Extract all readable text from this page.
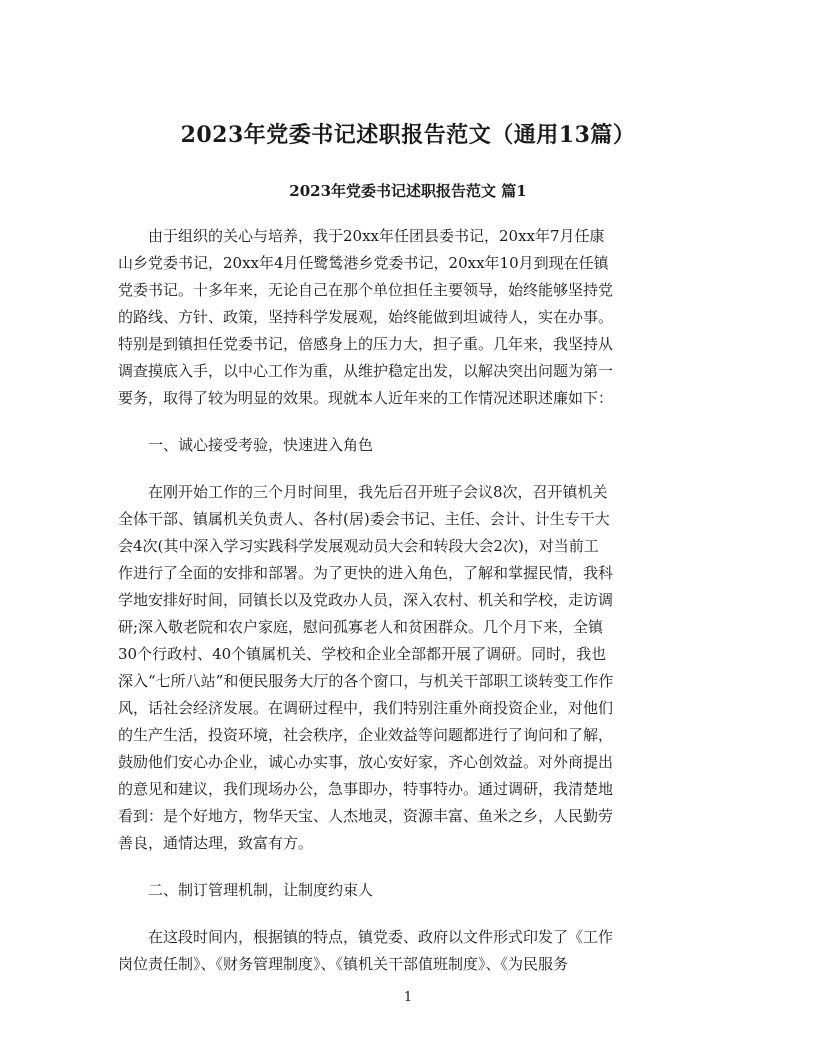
2023年党委书记述职报告范文（通用13篇）
2023年党委书记述职报告范文 篇1
由于组织的关心与培养，我于20xx年任团县委书记，20xx年7月任康
山乡党委书记，20xx年4月任鹭鸶港乡党委书记，20xx年10月到现在任镇
党委书记。十多年来，无论自己在那个单位担任主要领导，始终能够坚持党
的路线、方针、政策，坚持科学发展观，始终能做到坦诚待人，实在办事。
特别是到镇担任党委书记，倍感身上的压力大，担子重。几年来，我坚持从
调查摸底入手，以中心工作为重，从维护稳定出发，以解决突出问题为第一
要务，取得了较为明显的效果。现就本人近年来的工作情况述职述廉如下：
一、诚心接受考验，快速进入角色
在刚开始工作的三个月时间里，我先后召开班子会议8次，召开镇机关
全体干部、镇属机关负责人、各村(居)委会书记、主任、会计、计生专干大
会4次(其中深入学习实践科学发展观动员大会和转段大会2次)，对当前工
作进行了全面的安排和部署。为了更快的进入角色，了解和掌握民情，我科
学地安排好时间，同镇长以及党政办人员，深入农村、机关和学校，走访调
研;深入敬老院和农户家庭，慰问孤寡老人和贫困群众。几个月下来，全镇
30个行政村、40个镇属机关、学校和企业全部都开展了调研。同时，我也
深入“七所八站”和便民服务大厅的各个窗口，与机关干部职工谈转变工作作
风，话社会经济发展。在调研过程中，我们特别注重外商投资企业，对他们
的生产生活，投资环境，社会秩序，企业效益等问题都进行了询问和了解，
鼓励他们安心办企业，诚心办实事，放心安好家，齐心创效益。对外商提出
的意见和建议，我们现场办公，急事即办，特事特办。通过调研，我清楚地
看到：是个好地方，物华天宝、人杰地灵，资源丰富、鱼米之乡，人民勤劳
善良，通情达理，致富有方。
二、制订管理机制，让制度约束人
在这段时间内，根据镇的特点，镇党委、政府以文件形式印发了《工作
岗位责任制》、《财务管理制度》、《镇机关干部值班制度》、《为民服务
1
